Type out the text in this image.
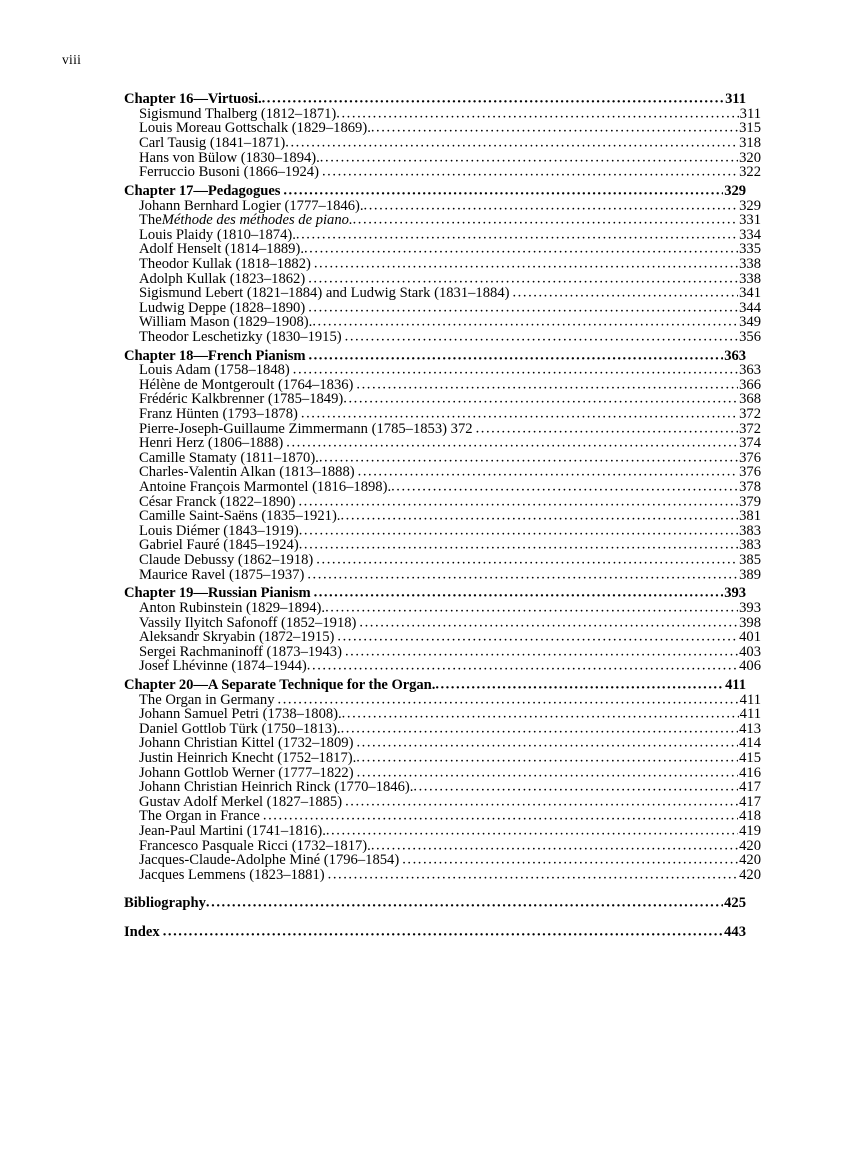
viii
Chapter 16—Virtuosi. .....	311
Sigismund Thalberg (1812–1871) .....	311
Louis Moreau Gottschalk (1829–1869). .....	315
Carl Tausig (1841–1871) .....	318
Hans von Bülow (1830–1894). .....	320
Ferruccio Busoni (1866–1924) .....	322
Chapter 17—Pedagogues .....	329
Johann Bernhard Logier (1777–1846). .....	329
The Méthode des méthodes de piano. .....	331
Louis Plaidy (1810–1874). .....	334
Adolf Henselt (1814–1889). .....	335
Theodor Kullak (1818–1882) .....	338
Adolph Kullak (1823–1862) .....	338
Sigismund Lebert (1821–1884) and Ludwig Stark (1831–1884) .....	341
Ludwig Deppe (1828–1890) .....	344
William Mason (1829–1908). .....	349
Theodor Leschetizky (1830–1915) .....	356
Chapter 18—French Pianism .....	363
Louis Adam (1758–1848) .....	363
Hélène de Montgeroult (1764–1836) .....	366
Frédéric Kalkbrenner (1785–1849) .....	368
Franz Hünten (1793–1878) .....	372
Pierre-Joseph-Guillaume Zimmermann (1785–1853) 372 .....	372
Henri Herz (1806–1888) .....	374
Camille Stamaty (1811–1870). .....	376
Charles-Valentin Alkan (1813–1888) .....	376
Antoine François Marmontel (1816–1898). .....	378
César Franck (1822–1890) .....	379
Camille Saint-Saëns (1835–1921). .....	381
Louis Diémer (1843–1919) .....	383
Gabriel Fauré (1845–1924) .....	383
Claude Debussy (1862–1918) .....	385
Maurice Ravel (1875–1937) .....	389
Chapter 19—Russian Pianism .....	393
Anton Rubinstein (1829–1894). .....	393
Vassily Ilyitch Safonoff (1852–1918) .....	398
Aleksandr Skryabin (1872–1915) .....	401
Sergei Rachmaninoff (1873–1943) .....	403
Josef Lhévinne (1874–1944) .....	406
Chapter 20—A Separate Technique for the Organ. .....	411
The Organ in Germany .....	411
Johann Samuel Petri (1738–1808). .....	411
Daniel Gottlob Türk (1750–1813). .....	413
Johann Christian Kittel (1732–1809) .....	414
Justin Heinrich Knecht (1752–1817). .....	415
Johann Gottlob Werner (1777–1822) .....	416
Johann Christian Heinrich Rinck (1770–1846). .....	417
Gustav Adolf Merkel (1827–1885) .....	417
The Organ in France .....	418
Jean-Paul Martini (1741–1816). .....	419
Francesco Pasquale Ricci (1732–1817). .....	420
Jacques-Claude-Adolphe Miné (1796–1854) .....	420
Jacques Lemmens (1823–1881) .....	420
Bibliography .....	425
Index .....	443
